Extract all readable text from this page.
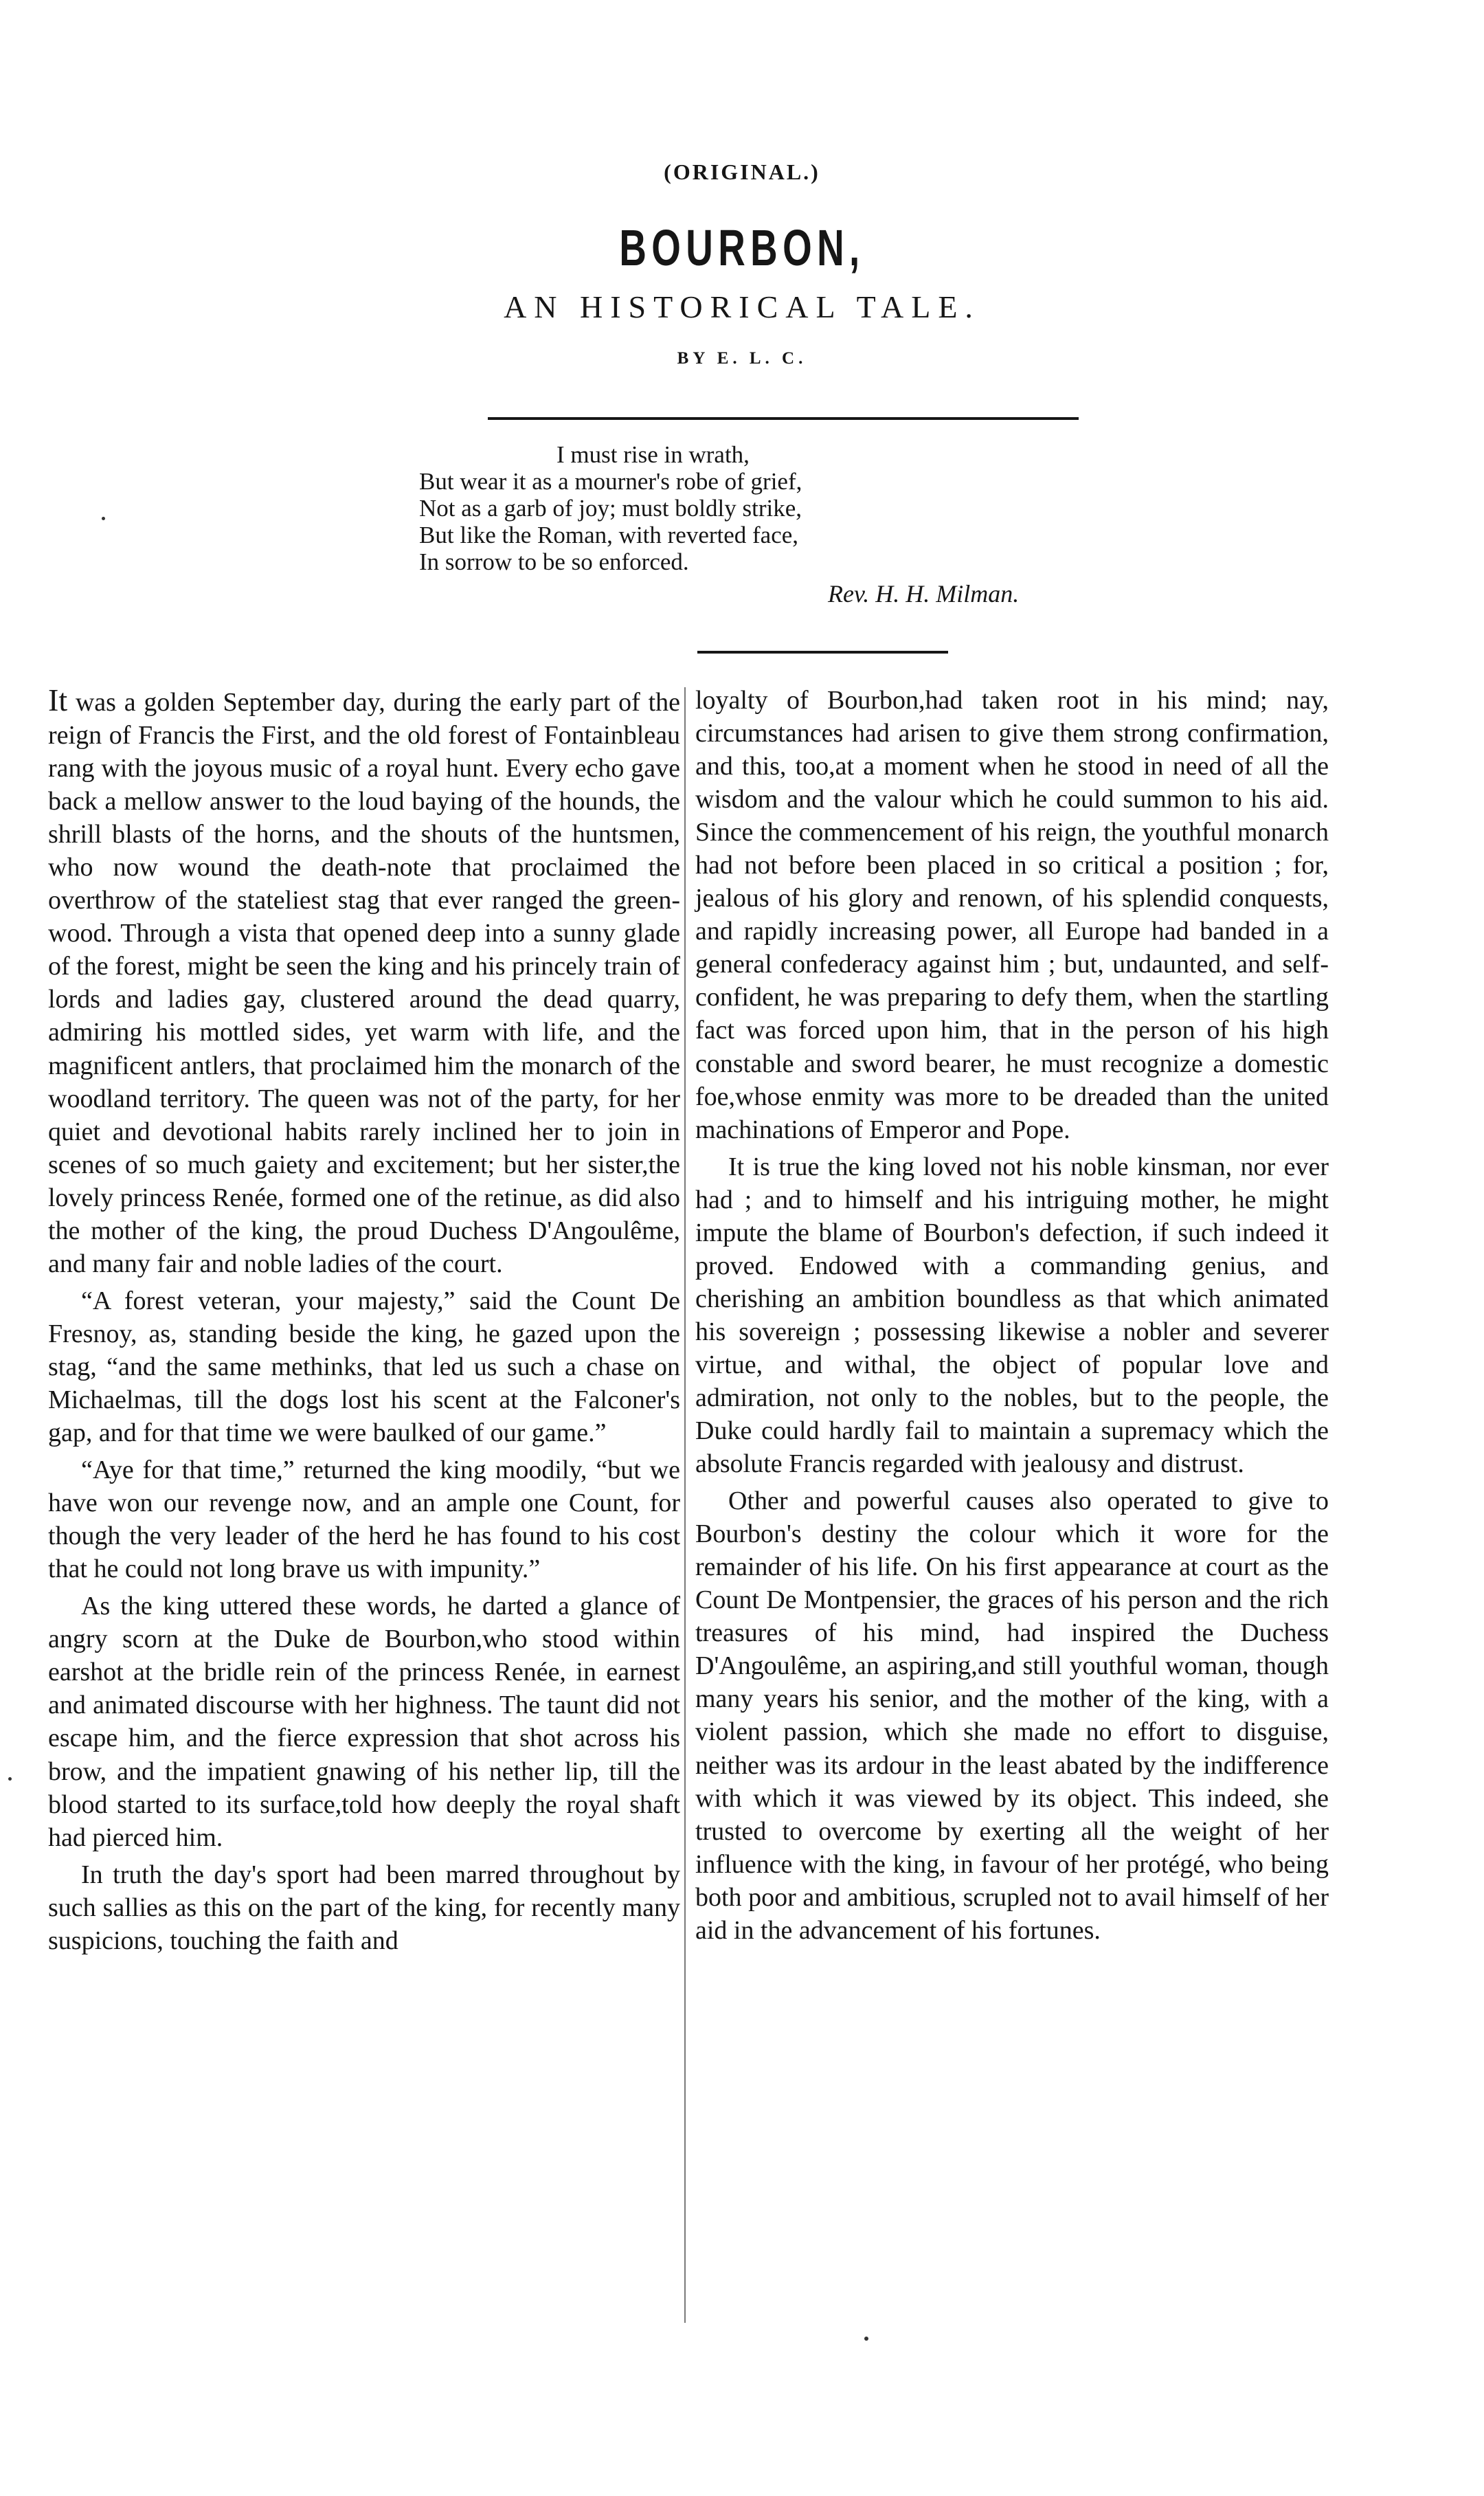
(ORIGINAL.)
BOURBON,
AN HISTORICAL TALE.
BY E. L. C.
I must rise in wrath,
But wear it as a mourner's robe of grief,
Not as a garb of joy; must boldly strike,
But like the Roman, with reverted face,
In sorrow to be so enforced.
Rev. H. H. Milman.

It was a golden September day, during the early part of the reign of Francis the First, and the old forest of Fontainbleau rang with the joyous music of a royal hunt. Every echo gave back a mellow answer to the loud baying of the hounds, the shrill blasts of the horns, and the shouts of the huntsmen, who now wound the death-note that proclaimed the overthrow of the stateliest stag that ever ranged the green-wood. Through a vista that opened deep into a sunny glade of the forest, might be seen the king and his princely train of lords and ladies gay, clustered around the dead quarry, admiring his mottled sides, yet warm with life, and the magnificent antlers, that proclaimed him the monarch of the woodland territory. The queen was not of the party, for her quiet and devotional habits rarely inclined her to join in scenes of so much gaiety and excitement; but her sister,the lovely princess Renée, formed one of the retinue, as did also the mother of the king, the proud Duchess D'Angoulême, and many fair and noble ladies of the court.

“A forest veteran, your majesty,” said the Count De Fresnoy, as, standing beside the king, he gazed upon the stag, “and the same methinks, that led us such a chase on Michaelmas, till the dogs lost his scent at the Falconer's gap, and for that time we were baulked of our game.”

“Aye for that time,” returned the king moodily, “but we have won our revenge now, and an ample one Count, for though the very leader of the herd he has found to his cost that he could not long brave us with impunity.”

As the king uttered these words, he darted a glance of angry scorn at the Duke de Bourbon,who stood within earshot at the bridle rein of the princess Renée, in earnest and animated discourse with her highness. The taunt did not escape him, and the fierce expression that shot across his brow, and the impatient gnawing of his nether lip, till the blood started to its surface,told how deeply the royal shaft had pierced him.

In truth the day's sport had been marred throughout by such sallies as this on the part of the king, for recently many suspicions, touching the faith and

loyalty of Bourbon,had taken root in his mind; nay, circumstances had arisen to give them strong confirmation, and this, too,at a moment when he stood in need of all the wisdom and the valour which he could summon to his aid. Since the commencement of his reign, the youthful monarch had not before been placed in so critical a position ; for, jealous of his glory and renown, of his splendid conquests, and rapidly increasing power, all Europe had banded in a general confederacy against him ; but, undaunted, and self-confident, he was preparing to defy them, when the startling fact was forced upon him, that in the person of his high constable and sword bearer, he must recognize a domestic foe,whose enmity was more to be dreaded than the united machinations of Emperor and Pope.

It is true the king loved not his noble kinsman, nor ever had ; and to himself and his intriguing mother, he might impute the blame of Bourbon's defection, if such indeed it proved. Endowed with a commanding genius, and cherishing an ambition boundless as that which animated his sovereign ; possessing likewise a nobler and severer virtue, and withal, the object of popular love and admiration, not only to the nobles, but to the people, the Duke could hardly fail to maintain a supremacy which the absolute Francis regarded with jealousy and distrust.

Other and powerful causes also operated to give to Bourbon's destiny the colour which it wore for the remainder of his life. On his first appearance at court as the Count De Montpensier, the graces of his person and the rich treasures of his mind, had inspired the Duchess D'Angoulême, an aspiring,and still youthful woman, though many years his senior, and the mother of the king, with a violent passion, which she made no effort to disguise, neither was its ardour in the least abated by the indifference with which it was viewed by its object. This indeed, she trusted to overcome by exerting all the weight of her influence with the king, in favour of her protégé, who being both poor and ambitious, scrupled not to avail himself of her aid in the advancement of his fortunes.
